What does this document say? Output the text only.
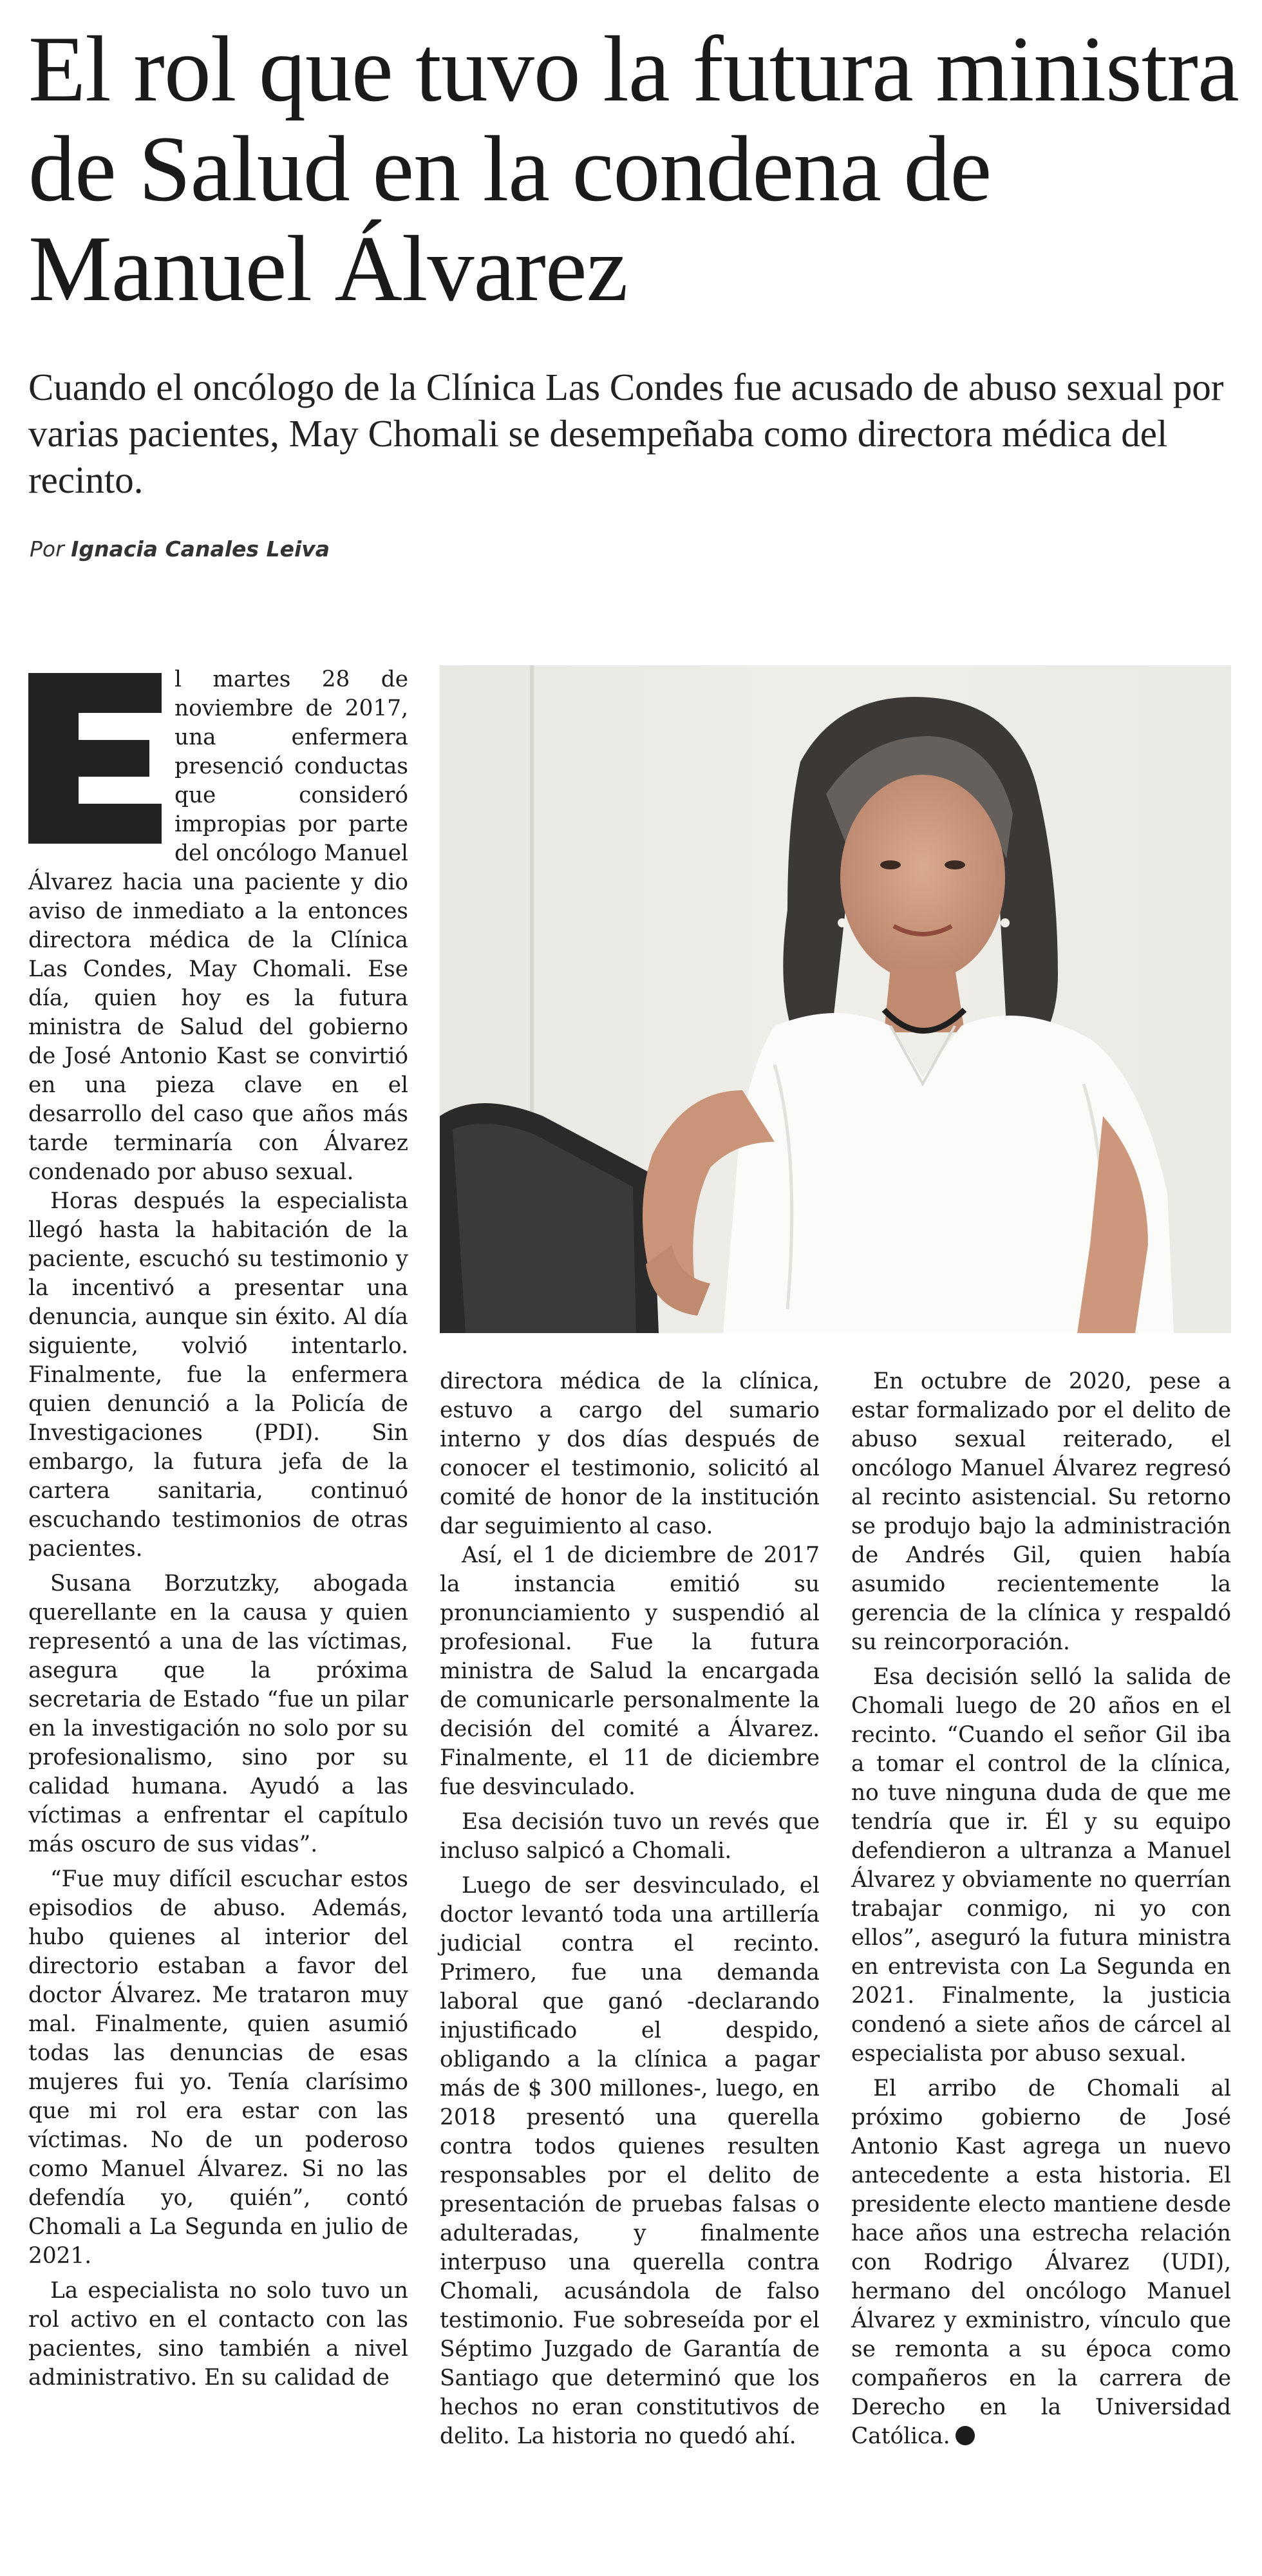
El rol que tuvo la futura ministra de Salud en la condena de Manuel Álvarez

Cuando el oncólogo de la Clínica Las Condes fue acusado de abuso sexual por varias pacientes, May Chomali se desempeñaba como directora médica del recinto.

Por Ignacia Canales Leiva

l martes 28 de noviembre de 2017, una enfermera presenció conductas que consideró impropias por parte del oncólogo Manuel Álvarez hacia una paciente y dio aviso de inmediato a la entonces directora médica de la Clínica Las Condes, May Chomali. Ese día, quien hoy es la futura ministra de Salud del gobierno de José Antonio Kast se convirtió en una pieza clave en el desarrollo del caso que años más tarde terminaría con Álvarez condenado por abuso sexual.

Horas después la especialista llegó hasta la habitación de la paciente, escuchó su testimonio y la incentivó a presentar una denuncia, aunque sin éxito. Al día siguiente, volvió intentarlo. Finalmente, fue la enfermera quien denunció a la Policía de Investigaciones (PDI). Sin embargo, la futura jefa de la cartera sanitaria, continuó escuchando testimonios de otras pacientes.

Susana Borzutzky, abogada querellante en la causa y quien representó a una de las víctimas, asegura que la próxima secretaria de Estado “fue un pilar en la investigación no solo por su profesionalismo, sino por su calidad humana. Ayudó a las víctimas a enfrentar el capítulo más oscuro de sus vidas”.

“Fue muy difícil escuchar estos episodios de abuso. Además, hubo quienes al interior del directorio estaban a favor del doctor Álvarez. Me trataron muy mal. Finalmente, quien asumió todas las denuncias de esas mujeres fui yo. Tenía clarísimo que mi rol era estar con las víctimas. No de un poderoso como Manuel Álvarez. Si no las defendía yo, quién”, contó Chomali a La Segunda en julio de 2021.

La especialista no solo tuvo un rol activo en el contacto con las pacientes, sino también a nivel administrativo. En su calidad de

directora médica de la clínica, estuvo a cargo del sumario interno y dos días después de conocer el testimonio, solicitó al comité de honor de la institución dar seguimiento al caso.

Así, el 1 de diciembre de 2017 la instancia emitió su pronunciamiento y suspendió al profesional. Fue la futura ministra de Salud la encargada de comunicarle personalmente la decisión del comité a Álvarez. Finalmente, el 11 de diciembre fue desvinculado.

Esa decisión tuvo un revés que incluso salpicó a Chomali.

Luego de ser desvinculado, el doctor levantó toda una artillería judicial contra el recinto. Primero, fue una demanda laboral que ganó -declarando injustificado el despido, obligando a la clínica a pagar más de $ 300 millones-, luego, en 2018 presentó una querella contra todos quienes resulten responsables por el delito de presentación de pruebas falsas o adulteradas, y finalmente interpuso una querella contra Chomali, acusándola de falso testimonio. Fue sobreseída por el Séptimo Juzgado de Garantía de Santiago que determinó que los hechos no eran constitutivos de delito. La historia no quedó ahí.

En octubre de 2020, pese a estar formalizado por el delito de abuso sexual reiterado, el oncólogo Manuel Álvarez regresó al recinto asistencial. Su retorno se produjo bajo la administración de Andrés Gil, quien había asumido recientemente la gerencia de la clínica y respaldó su reincorporación.

Esa decisión selló la salida de Chomali luego de 20 años en el recinto. “Cuando el señor Gil iba a tomar el control de la clínica, no tuve ninguna duda de que me tendría que ir. Él y su equipo defendieron a ultranza a Manuel Álvarez y obviamente no querrían trabajar conmigo, ni yo con ellos”, aseguró la futura ministra en entrevista con La Segunda en 2021. Finalmente, la justicia condenó a siete años de cárcel al especialista por abuso sexual.

El arribo de Chomali al próximo gobierno de José Antonio Kast agrega un nuevo antecedente a esta historia. El presidente electo mantiene desde hace años una estrecha relación con Rodrigo Álvarez (UDI), hermano del oncólogo Manuel Álvarez y exministro, vínculo que se remonta a su época como compañeros en la carrera de Derecho en la Universidad Católica.
